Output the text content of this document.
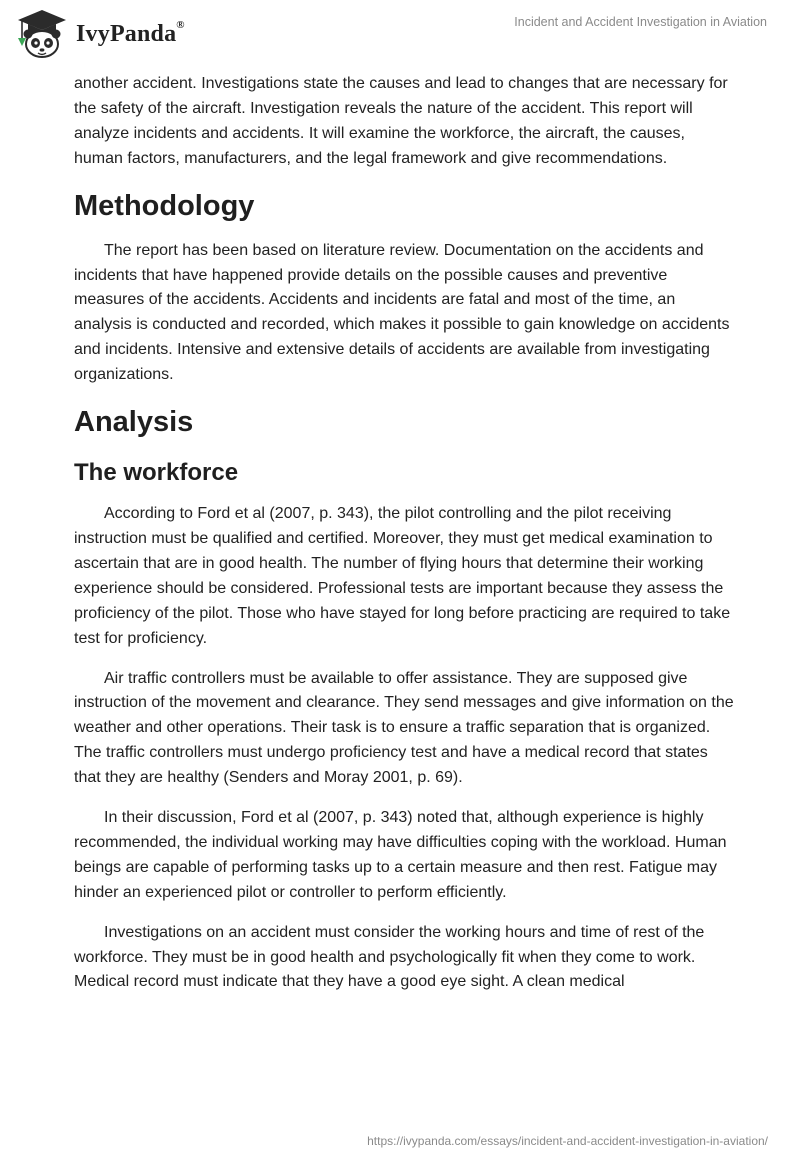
IvyPanda®	Incident and Accident Investigation in Aviation

another accident. Investigations state the causes and lead to changes that are necessary for the safety of the aircraft. Investigation reveals the nature of the accident. This report will analyze incidents and accidents. It will examine the workforce, the aircraft, the causes, human factors, manufacturers, and the legal framework and give recommendations.

Methodology

The report has been based on literature review. Documentation on the accidents and incidents that have happened provide details on the possible causes and preventive measures of the accidents. Accidents and incidents are fatal and most of the time, an analysis is conducted and recorded, which makes it possible to gain knowledge on accidents and incidents. Intensive and extensive details of accidents are available from investigating organizations.

Analysis
The workforce

According to Ford et al (2007, p. 343), the pilot controlling and the pilot receiving instruction must be qualified and certified. Moreover, they must get medical examination to ascertain that are in good health. The number of flying hours that determine their working experience should be considered. Professional tests are important because they assess the proficiency of the pilot. Those who have stayed for long before practicing are required to take test for proficiency.

Air traffic controllers must be available to offer assistance. They are supposed give instruction of the movement and clearance. They send messages and give information on the weather and other operations. Their task is to ensure a traffic separation that is organized. The traffic controllers must undergo proficiency test and have a medical record that states that they are healthy (Senders and Moray 2001, p. 69).

In their discussion, Ford et al (2007, p. 343) noted that, although experience is highly recommended, the individual working may have difficulties coping with the workload. Human beings are capable of performing tasks up to a certain measure and then rest. Fatigue may hinder an experienced pilot or controller to perform efficiently.

Investigations on an accident must consider the working hours and time of rest of the workforce. They must be in good health and psychologically fit when they come to work. Medical record must indicate that they have a good eye sight. A clean medical

https://ivypanda.com/essays/incident-and-accident-investigation-in-aviation/
